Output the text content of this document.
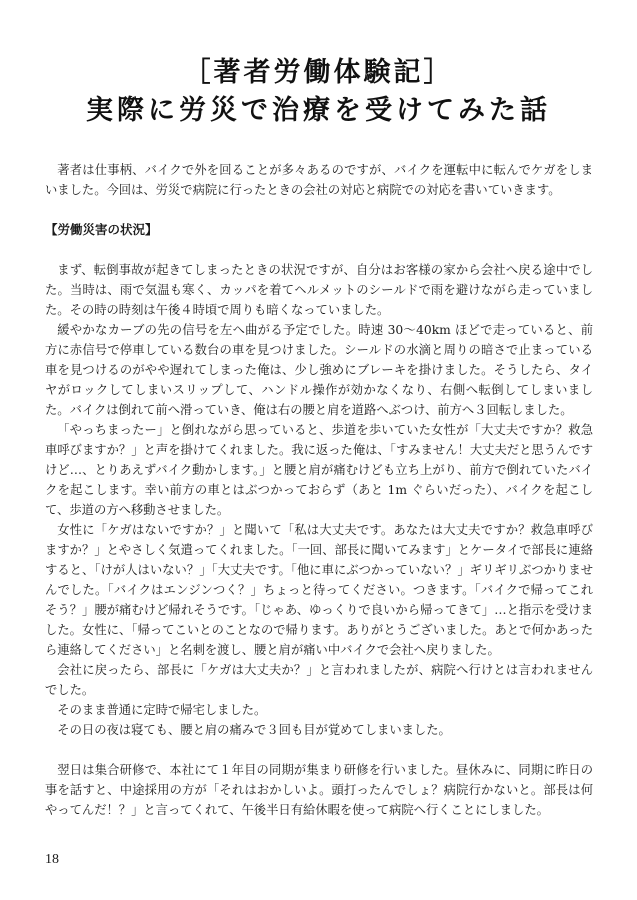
［著者労働体験記］
実際に労災で治療を受けてみた話

著者は仕事柄、バイクで外を回ることが多々あるのですが、バイクを運転中に転んでケガをしまいました。今回は、労災で病院に行ったときの会社の対応と病院での対応を書いていきます。

【労働災害の状況】

まず、転倒事故が起きてしまったときの状況ですが、自分はお客様の家から会社へ戻る途中でした。当時は、雨で気温も寒く、カッパを着てヘルメットのシールドで雨を避けながら走っていました。その時の時刻は午後４時頃で周りも暗くなっていました。

緩やかなカーブの先の信号を左へ曲がる予定でした。時速 30〜40km ほどで走っていると、前方に赤信号で停車している数台の車を見つけました。シールドの水滴と周りの暗さで止まっている車を見つけるのがやや遅れてしまった俺は、少し強めにブレーキを掛けました。そうしたら、タイヤがロックしてしまいスリップして、ハンドル操作が効かなくなり、右側へ転倒してしまいました。バイクは倒れて前へ滑っていき、俺は右の腰と肩を道路へぶつけ、前方へ３回転しました。

「やっちまったー」と倒れながら思っていると、歩道を歩いていた女性が「大丈夫ですか？救急車呼びますか？」と声を掛けてくれました。我に返った俺は、「すみません！大丈夫だと思うんですけど…、とりあえずバイク動かします。」と腰と肩が痛むけども立ち上がり、前方で倒れていたバイクを起こします。幸い前方の車とはぶつかっておらず（あと 1m ぐらいだった）、バイクを起こして、歩道の方へ移動させました。

女性に「ケガはないですか？」と聞いて「私は大丈夫です。あなたは大丈夫ですか？救急車呼びますか？」とやさしく気遣ってくれました。「一回、部長に聞いてみます」とケータイで部長に連絡すると、「けが人はいない？」「大丈夫です。「他に車にぶつかっていない？」ギリギリぶつかりませんでした。「バイクはエンジンつく？」ちょっと待ってください。つきます。「バイクで帰ってこれそう？」腰が痛むけど帰れそうです。「じゃあ、ゆっくりで良いから帰ってきて」…と指示を受けました。女性に、「帰ってこいとのことなので帰ります。ありがとうございました。あとで何かあったら連絡してください」と名刺を渡し、腰と肩が痛い中バイクで会社へ戻りました。

会社に戻ったら、部長に「ケガは大丈夫か？」と言われましたが、病院へ行けとは言われませんでした。

そのまま普通に定時で帰宅しました。

その日の夜は寝ても、腰と肩の痛みで３回も目が覚めてしまいました。

翌日は集合研修で、本社にて１年目の同期が集まり研修を行いました。昼休みに、同期に昨日の事を話すと、中途採用の方が「それはおかしいよ。頭打ったんでしょ？病院行かないと。部長は何やってんだ！？」と言ってくれて、午後半日有給休暇を使って病院へ行くことにしました。

18
